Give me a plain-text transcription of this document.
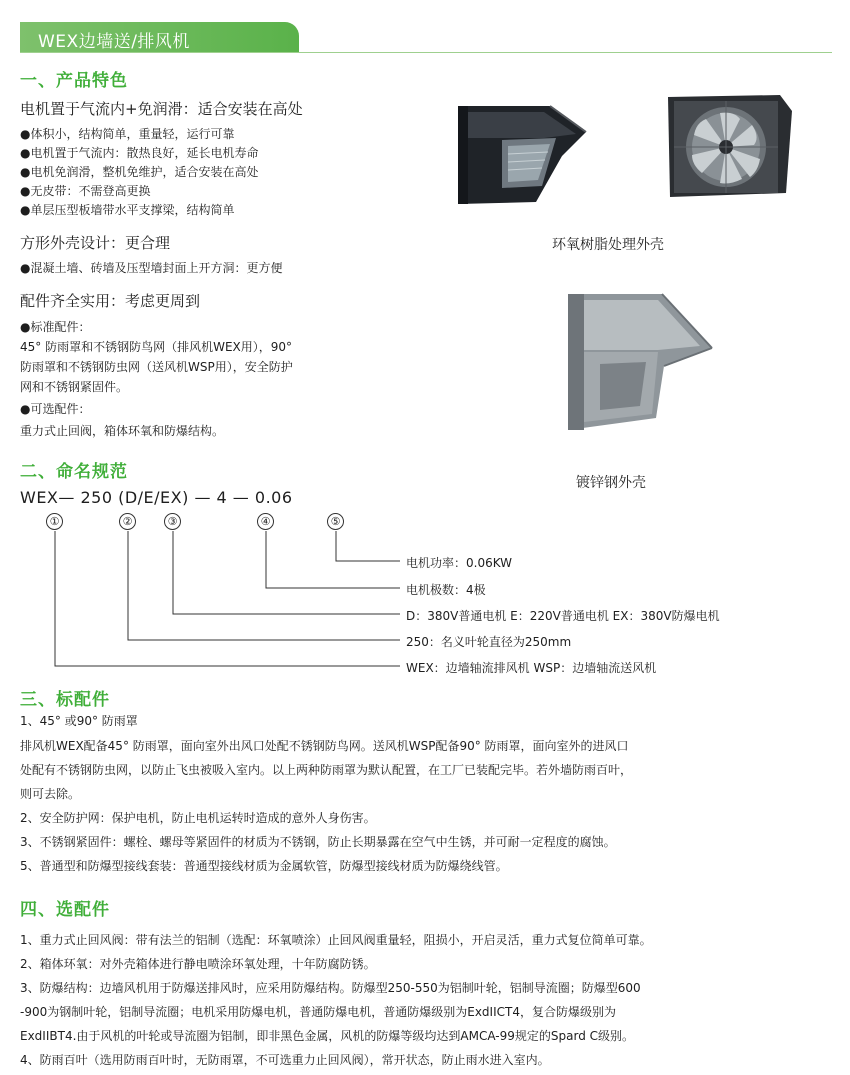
WEX边墙送/排风机
一、产品特色
电机置于气流内+免润滑：适合安装在高处
●体积小，结构简单，重量轻，运行可靠
●电机置于气流内：散热良好，延长电机寿命
●电机免润滑，整机免维护，适合安装在高处
●无皮带：不需登高更换
●单层压型板墙带水平支撑梁，结构简单
方形外壳设计：更合理
●混凝土墙、砖墙及压型墙封面上开方洞：更方便
配件齐全实用：考虑更周到
●标准配件：
45° 防雨罩和不锈钢防鸟网（排风机WEX用），90°
防雨罩和不锈钢防虫网（送风机WSP用），安全防护
网和不锈钢紧固件。
●可选配件：
重力式止回阀，箱体环氧和防爆结构。
环氧树脂处理外壳
镀锌钢外壳
二、命名规范
WEX— 250 (D/E/EX) — 4 — 0.06
①	②	③	④	⑤
电机功率：0.06KW
电机极数：4极
D：380V普通电机 E：220V普通电机 EX：380V防爆电机
250：名义叶轮直径为250mm
WEX：边墙轴流排风机 WSP：边墙轴流送风机
三、标配件
1、45° 或90° 防雨罩
排风机WEX配备45° 防雨罩，面向室外出风口处配不锈钢防鸟网。送风机WSP配备90° 防雨罩，面向室外的进风口
处配有不锈钢防虫网，以防止飞虫被吸入室内。以上两种防雨罩为默认配置，在工厂已装配完毕。若外墙防雨百叶，
则可去除。
2、安全防护网：保护电机，防止电机运转时造成的意外人身伤害。
3、不锈钢紧固件：螺栓、螺母等紧固件的材质为不锈钢，防止长期暴露在空气中生锈，并可耐一定程度的腐蚀。
5、普通型和防爆型接线套装：普通型接线材质为金属软管，防爆型接线材质为防爆绕线管。
四、选配件
1、重力式止回风阀：带有法兰的铝制（选配：环氧喷涂）止回风阀重量轻，阻损小，开启灵活，重力式复位简单可靠。
2、箱体环氧：对外壳箱体进行静电喷涂环氧处理，十年防腐防锈。
3、防爆结构：边墙风机用于防爆送排风时，应采用防爆结构。防爆型250-550为铝制叶轮，铝制导流圈；防爆型600
-900为钢制叶轮，铝制导流圈；电机采用防爆电机，普通防爆电机，普通防爆级别为ExdIICT4，复合防爆级别为
ExdIIBT4.由于风机的叶轮或导流圈为铝制，即非黑色金属，风机的防爆等级均达到AMCA-99规定的Spard C级别。
4、防雨百叶（选用防雨百叶时，无防雨罩，不可选重力止回风阀），常开状态，防止雨水进入室内。
